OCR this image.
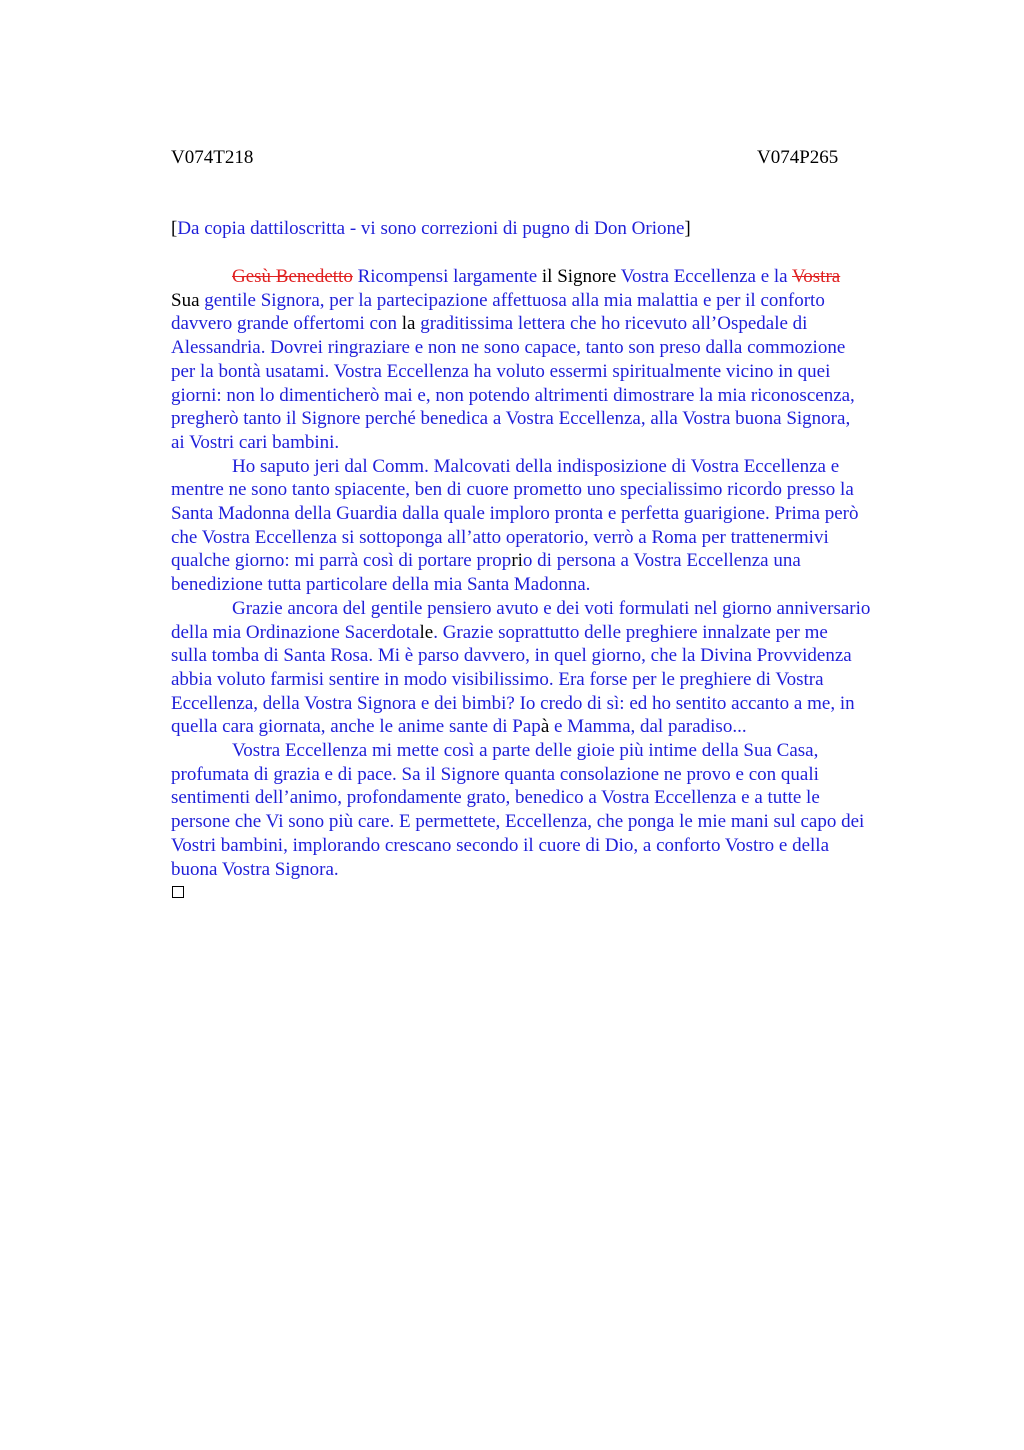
V074T218	V074P265
[Da copia dattiloscritta - vi sono correzioni di pugno di Don Orione]
Gesù Benedetto Ricompensi largamente il Signore Vostra Eccellenza e la Vostra
Sua gentile Signora, per la partecipazione affettuosa alla mia malattia e per il conforto
davvero grande offertomi con la graditissima lettera che ho ricevuto all’Ospedale di
Alessandria. Dovrei ringraziare e non ne sono capace, tanto son preso dalla commozione
per la bontà usatami. Vostra Eccellenza ha voluto essermi spiritualmente vicino in quei
giorni: non lo dimenticherò mai e, non potendo altrimenti dimostrare la mia riconoscenza,
pregherò tanto il Signore perché benedica a Vostra Eccellenza, alla Vostra buona Signora,
ai Vostri cari bambini.
Ho saputo jeri dal Comm. Malcovati della indisposizione di Vostra Eccellenza e
mentre ne sono tanto spiacente, ben di cuore prometto uno specialissimo ricordo presso la
Santa Madonna della Guardia dalla quale imploro pronta e perfetta guarigione. Prima però
che Vostra Eccellenza si sottoponga all’atto operatorio, verrò a Roma per trattenermivi
qualche giorno: mi parrà così di portare proprio di persona a Vostra Eccellenza una
benedizione tutta particolare della mia Santa Madonna.
Grazie ancora del gentile pensiero avuto e dei voti formulati nel giorno anniversario
della mia Ordinazione Sacerdotale. Grazie soprattutto delle preghiere innalzate per me
sulla tomba di Santa Rosa. Mi è parso davvero, in quel giorno, che la Divina Provvidenza
abbia voluto farmisi sentire in modo visibilissimo. Era forse per le preghiere di Vostra
Eccellenza, della Vostra Signora e dei bimbi? Io credo di sì: ed ho sentito accanto a me, in
quella cara giornata, anche le anime sante di Papà e Mamma, dal paradiso...
Vostra Eccellenza mi mette così a parte delle gioie più intime della Sua Casa,
profumata di grazia e di pace. Sa il Signore quanta consolazione ne provo e con quali
sentimenti dell’animo, profondamente grato, benedico a Vostra Eccellenza e a tutte le
persone che Vi sono più care. E permettete, Eccellenza, che ponga le mie mani sul capo dei
Vostri bambini, implorando crescano secondo il cuore di Dio, a conforto Vostro e della
buona Vostra Signora.
